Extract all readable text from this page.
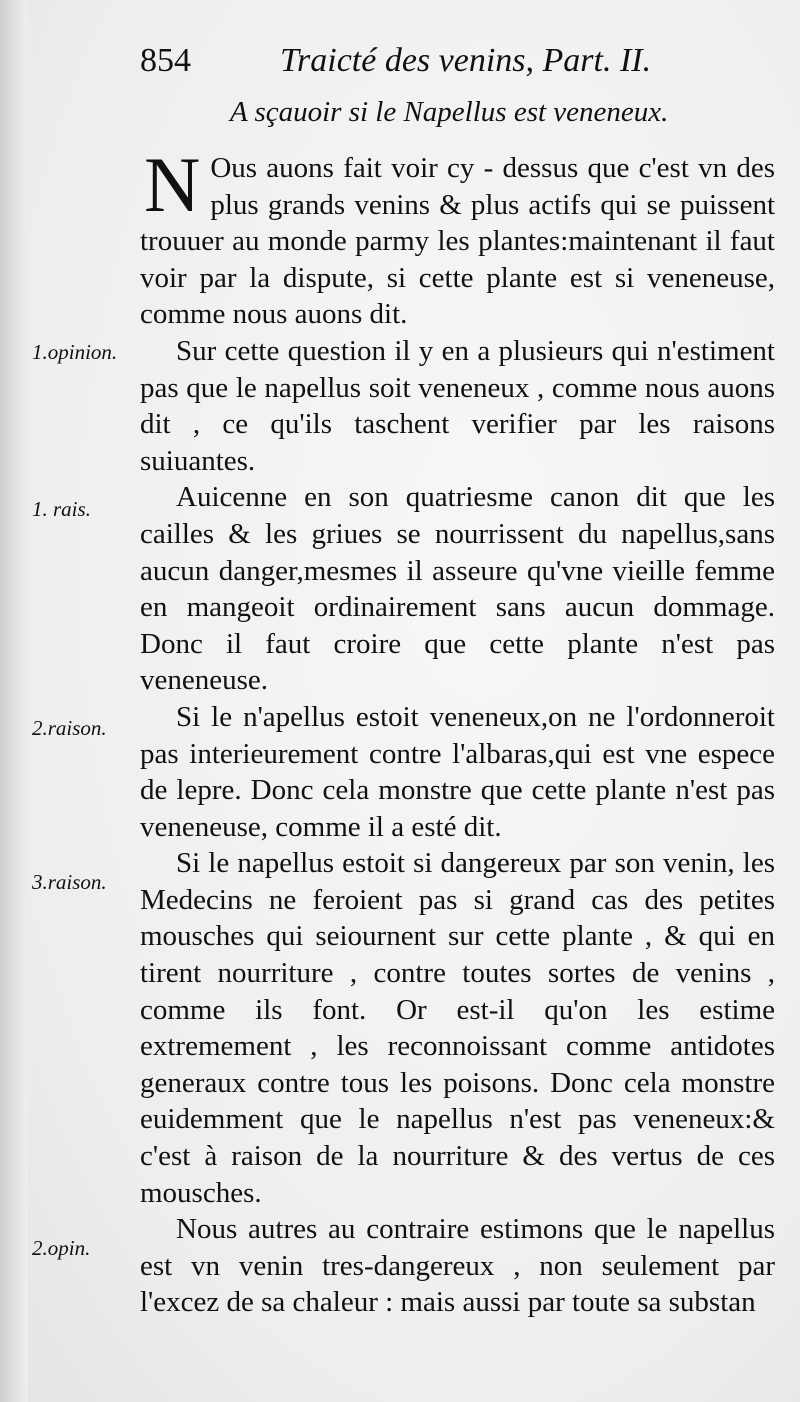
854	Traicté des venins, Part. II.
A sçauoir si le Napellus est veneneux.
1.opinion.
1. rais.
2.raison.
3.raison.
2.opin.

N Ous auons fait voir cy - dessus que c'est vn des plus grands venins & plus actifs qui se puissent trouuer au monde parmy les plantes:maintenant il faut voir par la dispute, si cette plante est si veneneuse, comme nous auons dit.

Sur cette question il y en a plusieurs qui n'estiment pas que le napellus soit veneneux , comme nous auons dit , ce qu'ils taschent verifier par les raisons suiuantes.

Auicenne en son quatriesme canon dit que les cailles & les griues se nourrissent du napellus,sans aucun danger,mesmes il asseure qu'vne vieille femme en mangeoit ordinairement sans aucun dommage. Donc il faut croire que cette plante n'est pas veneneuse.

Si le n'apellus estoit veneneux,on ne l'ordonneroit pas interieurement contre l'albaras,qui est vne espece de lepre. Donc cela monstre que cette plante n'est pas veneneuse, comme il a esté dit.

Si le napellus estoit si dangereux par son venin, les Medecins ne feroient pas si grand cas des petites mousches qui seiournent sur cette plante , & qui en tirent nourriture , contre toutes sortes de venins , comme ils font. Or est-il qu'on les estime extremement , les reconnoissant comme antidotes generaux contre tous les poisons. Donc cela monstre euidemment que le napellus n'est pas veneneux:& c'est à raison de la nourriture & des vertus de ces mousches.

Nous autres au contraire estimons que le napellus est vn venin tres-dangereux , non seulement par l'excez de sa chaleur : mais aussi par toute sa substan
